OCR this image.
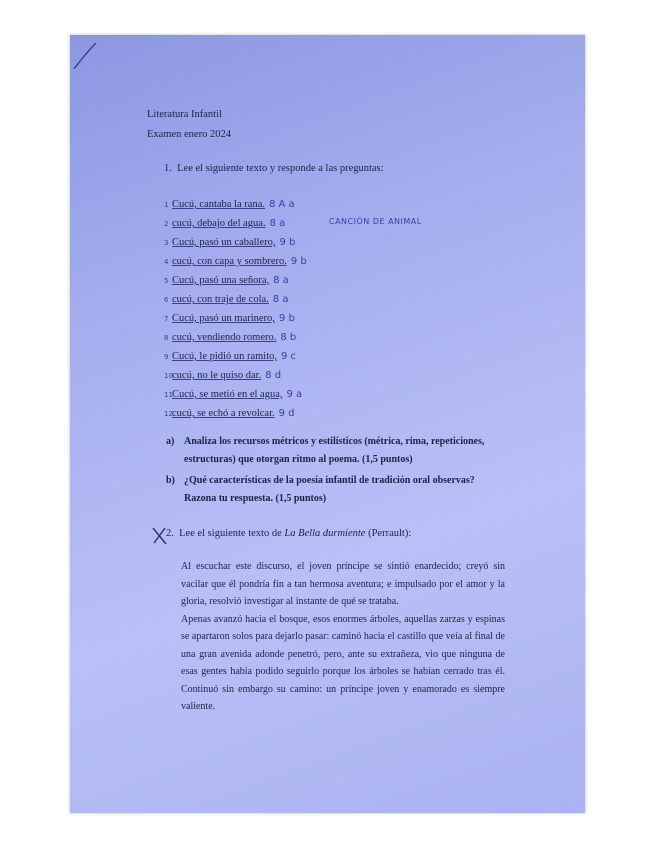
Literatura Infantil
Examen enero 2024
1. Lee el siguiente texto y responde a las preguntas:
CANCIÓN DE ANIMAL
1 Cucú, cantaba la rana. 8 A a
2 cucú, debajo del agua. 8 a
3 Cucú, pasó un caballero, 9 b
4 cucú, con capa y sombrero. 9 b
5 Cucú, pasó una señora, 8 a
6 cucú, con traje de cola. 8 a
7 Cucú, pasó un marinero, 9 b
8 cucú, vendiendo romero. 8 b
9 Cucú, le pidió un ramito, 9 c
10cucú, no le quiso dar. 8 d
11Cucú, se metió en el agua, 9 a
12cucú, se echó a revolcar. 9 d
a) Analiza los recursos métricos y estilísticos (métrica, rima, repeticiones, estructuras) que otorgan ritmo al poema. (1,5 puntos)
b) ¿Qué características de la poesía infantil de tradición oral observas? Razona tu respuesta. (1,5 puntos)
2. Lee el siguiente texto de La Bella durmiente (Perrault):

Al escuchar este discurso, el joven príncipe se sintió enardecido; creyó sin vacilar que él pondría fin a tan hermosa aventura; e impulsado por el amor y la gloria, resolvió investigar al instante de qué se trataba.

Apenas avanzó hacia el bosque, esos enormes árboles, aquellas zarzas y espinas se apartaron solos para dejarlo pasar: caminó hacia el castillo que veía al final de una gran avenida adonde penetró, pero, ante su extrañeza, vio que ninguna de esas gentes había podido seguirlo porque los árboles se habían cerrado tras él. Continuó sin embargo su camino: un príncipe joven y enamorado es siempre valiente.
